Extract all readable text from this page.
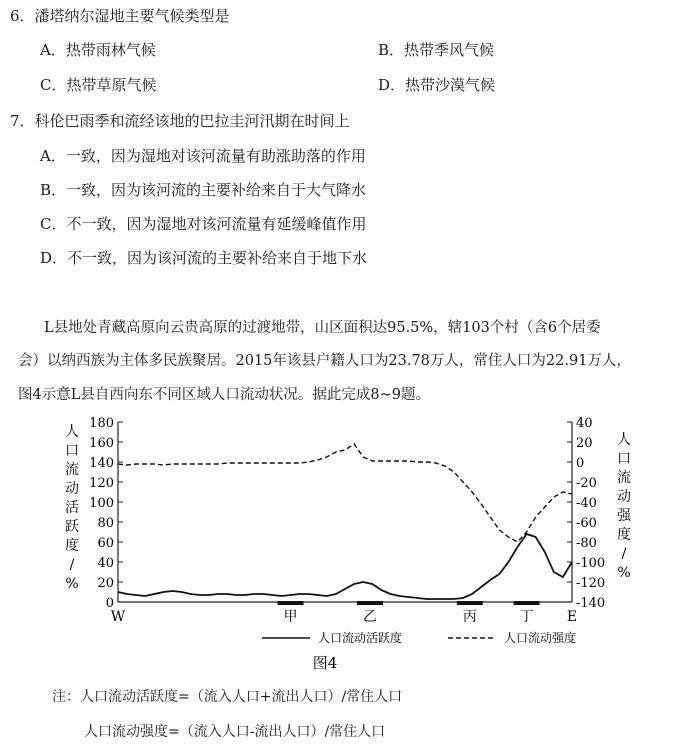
6．潘塔纳尔湿地主要气候类型是
A．热带雨林气候	B．热带季风气候
C．热带草原气候	D．热带沙漠气候
7．科伦巴雨季和流经该地的巴拉圭河汛期在时间上
A．一致，因为湿地对该河流量有助涨助落的作用
B．一致，因为该河流的主要补给来自于大气降水
C．不一致，因为湿地对该河流量有延缓峰值作用
D．不一致，因为该河流的主要补给来自于地下水
L县地处青藏高原向云贵高原的过渡地带，山区面积达95.5%，辖103个村（含6个居委
会）以纳西族为主体多民族聚居。2015年该县户籍人口为23.78万人，常住人口为22.91万人，
图4示意L县自西向东不同区域人口流动状况。据此完成8~9题。
人
口
流
动
活
跃
度
/
%
人
口
流
动
强
度
/
%
0
20
40
60
80
100
120
140
160
180	40
20
0
-20
-40
-60
-80
-100
-120
-140
W	甲	乙	丙	丁 E
人口流动活跃度	人口流动强度
图4
注：人口流动活跃度=（流入人口+流出人口）/常住人口
人口流动强度=（流入人口-流出人口）/常住人口
